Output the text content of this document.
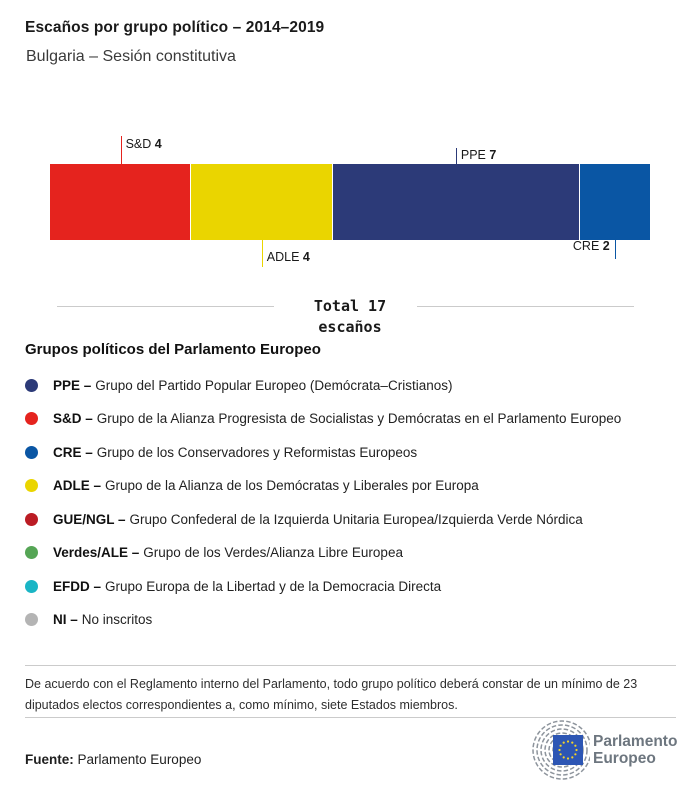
Escaños por grupo político – 2014–2019
Bulgaria – Sesión constitutiva
S&D 4
ADLE 4
PPE 7
CRE 2
Total 17
escaños
Grupos políticos del Parlamento Europeo
PPE – Grupo del Partido Popular Europeo (Demócrata–Cristianos)
S&D – Grupo de la Alianza Progresista de Socialistas y Demócratas en el Parlamento Europeo
CRE – Grupo de los Conservadores y Reformistas Europeos
ADLE – Grupo de la Alianza de los Demócratas y Liberales por Europa
GUE/NGL – Grupo Confederal de la Izquierda Unitaria Europea/Izquierda Verde Nórdica
Verdes/ALE – Grupo de los Verdes/Alianza Libre Europea
EFDD – Grupo Europa de la Libertad y de la Democracia Directa
NI – No inscritos
De acuerdo con el Reglamento interno del Parlamento, todo grupo político deberá constar de un mínimo de 23
diputados electos correspondientes a, como mínimo, siete Estados miembros.
Fuente: Parlamento Europeo
Parlamento
Europeo
